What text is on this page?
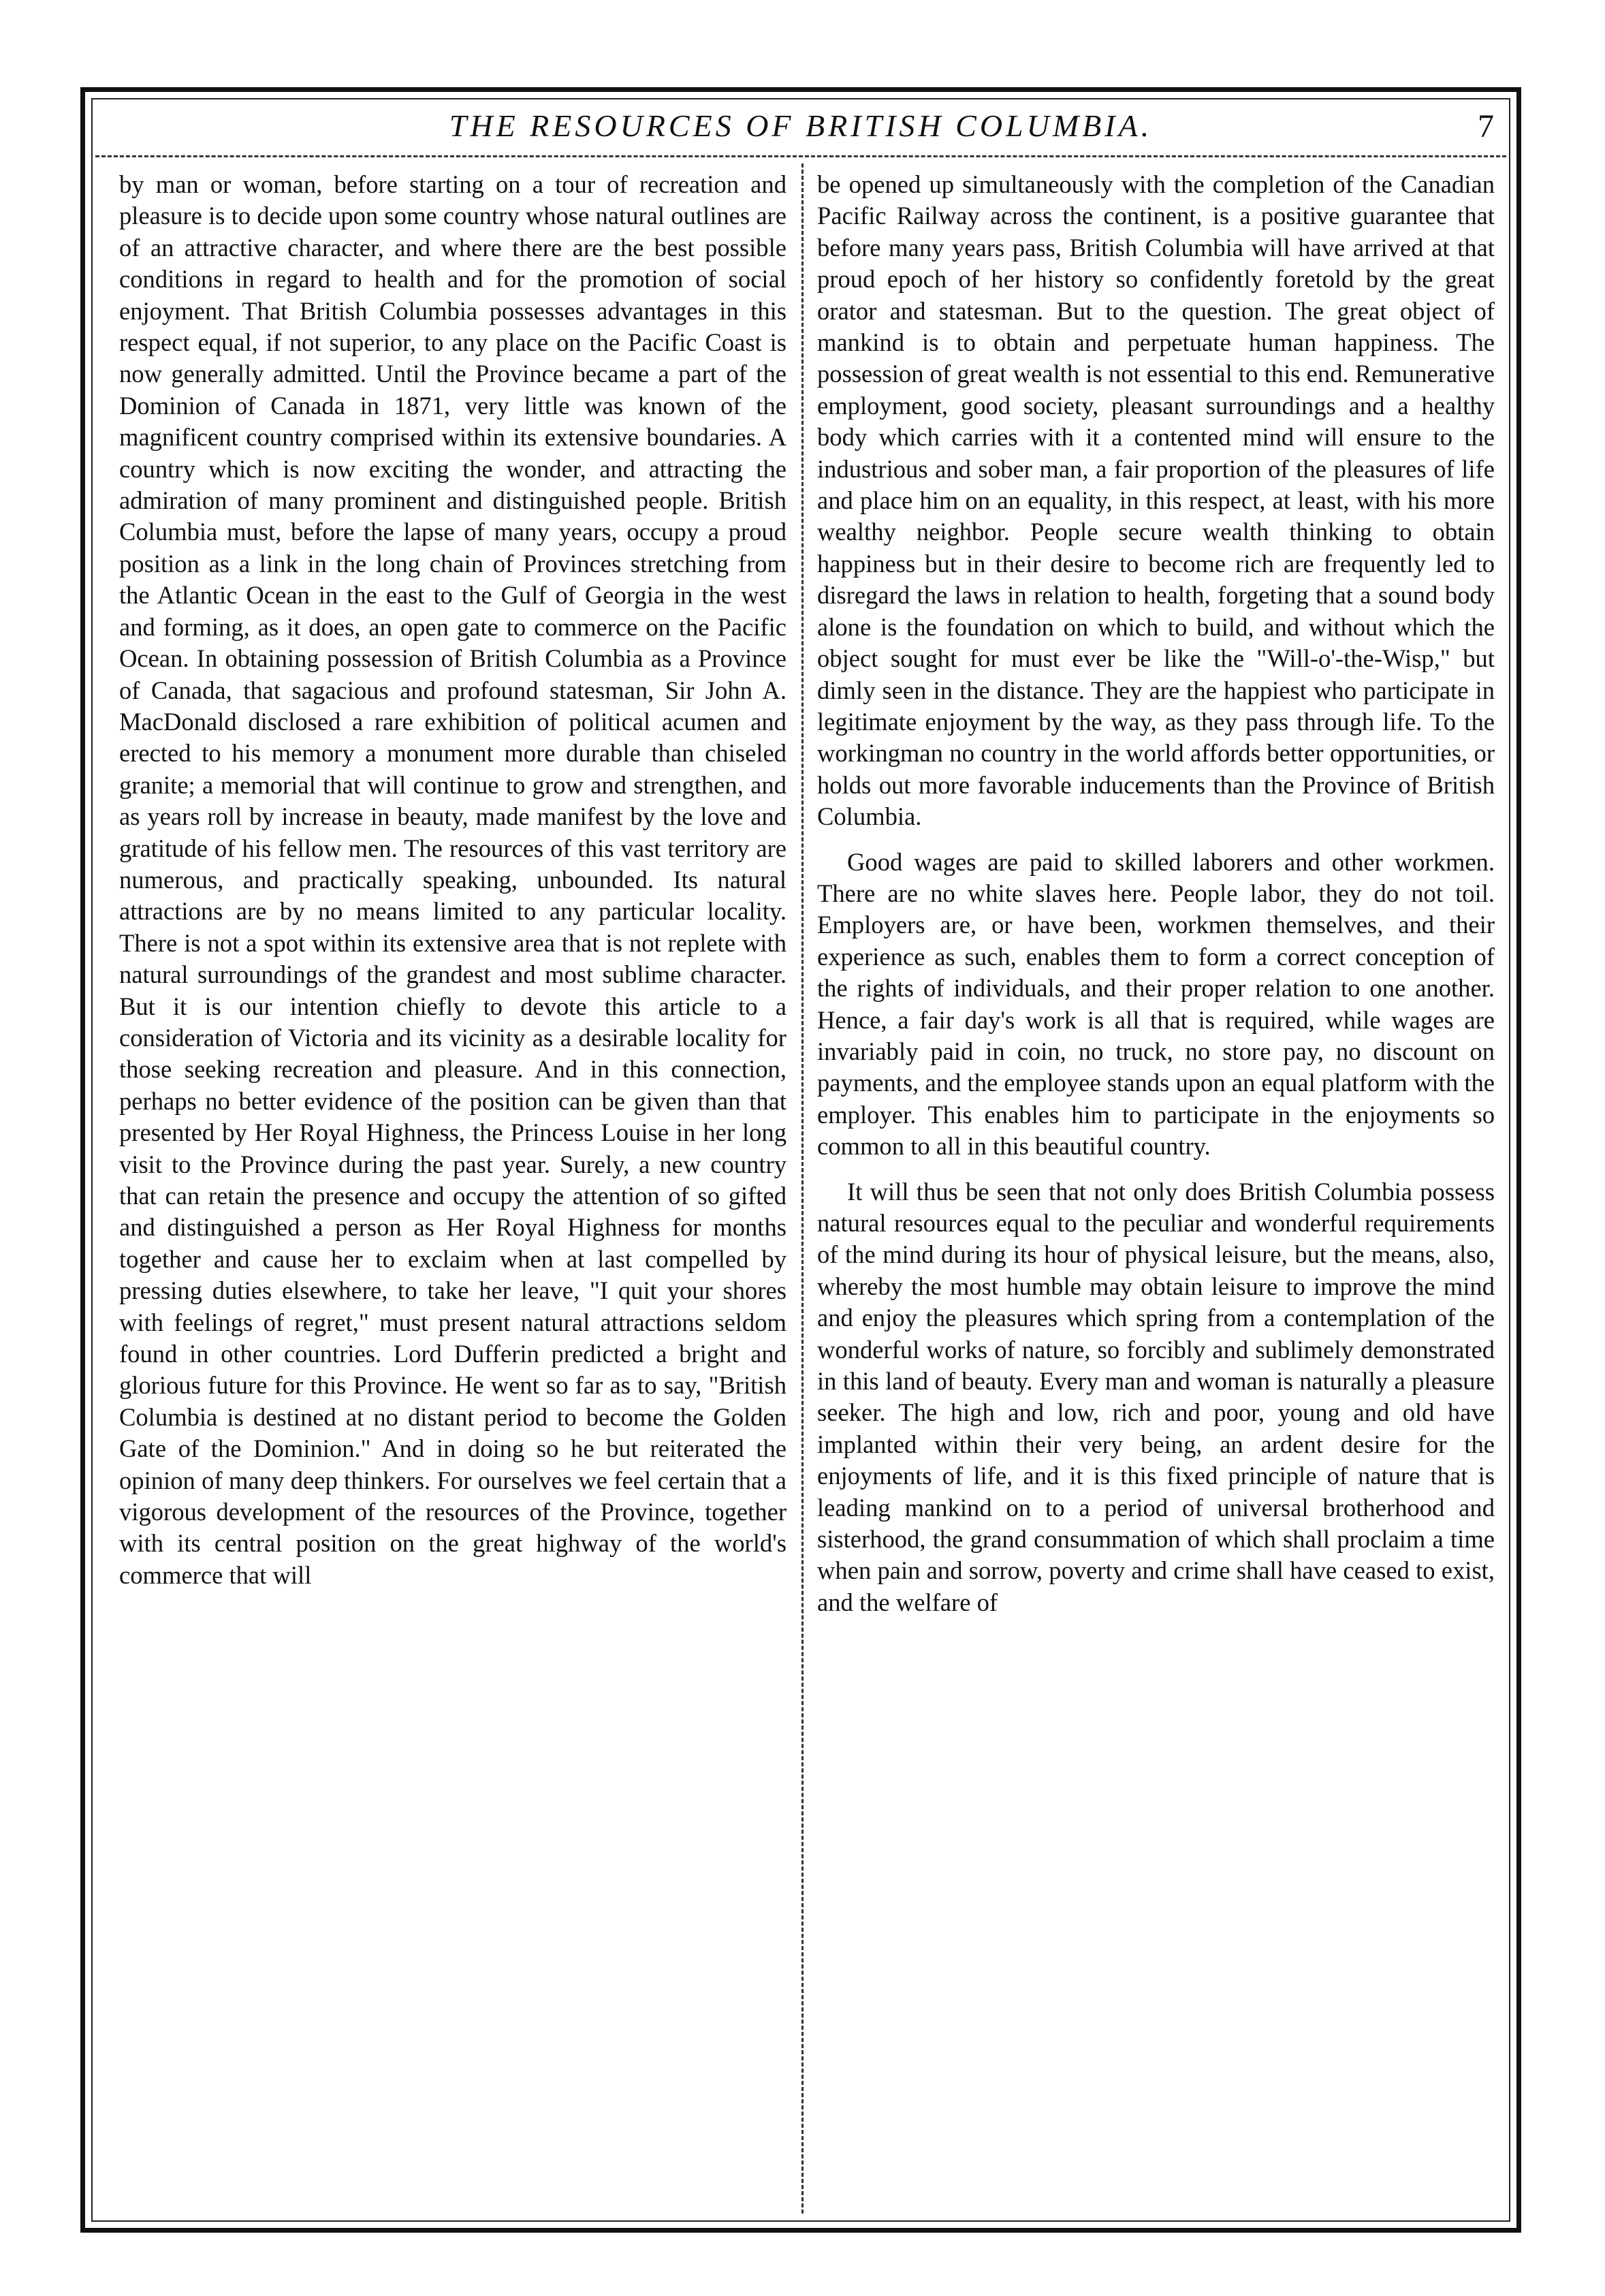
THE RESOURCES OF BRITISH COLUMBIA.	7

by man or woman, before starting on a tour of recreation and pleasure is to decide upon some country whose natural outlines are of an attractive character, and where there are the best possible conditions in regard to health and for the promotion of social enjoyment. That British Columbia possesses advantages in this respect equal, if not superior, to any place on the Pacific Coast is now generally admitted. Until the Province became a part of the Dominion of Canada in 1871, very little was known of the magnificent country comprised within its extensive boundaries. A country which is now exciting the wonder, and attracting the admiration of many prominent and distinguished people. British Columbia must, before the lapse of many years, occupy a proud position as a link in the long chain of Provinces stretching from the Atlantic Ocean in the east to the Gulf of Georgia in the west and forming, as it does, an open gate to commerce on the Pacific Ocean. In obtaining possession of British Columbia as a Province of Canada, that sagacious and profound statesman, Sir John A. MacDonald disclosed a rare exhibition of political acumen and erected to his memory a monument more durable than chiseled granite; a memorial that will continue to grow and strengthen, and as years roll by increase in beauty, made manifest by the love and gratitude of his fellow men. The resources of this vast territory are numerous, and practically speaking, unbounded. Its natural attractions are by no means limited to any particular locality. There is not a spot within its extensive area that is not replete with natural surroundings of the grandest and most sublime character. But it is our intention chiefly to devote this article to a consideration of Victoria and its vicinity as a desirable locality for those seeking recreation and pleasure. And in this connection, perhaps no better evidence of the position can be given than that presented by Her Royal Highness, the Princess Louise in her long visit to the Province during the past year. Surely, a new country that can retain the presence and occupy the attention of so gifted and distinguished a person as Her Royal Highness for months together and cause her to exclaim when at last compelled by pressing duties elsewhere, to take her leave, "I quit your shores with feelings of regret," must present natural attractions seldom found in other countries. Lord Dufferin predicted a bright and glorious future for this Province. He went so far as to say, "British Columbia is destined at no distant period to become the Golden Gate of the Dominion." And in doing so he but reiterated the opinion of many deep thinkers. For ourselves we feel certain that a vigorous development of the resources of the Province, together with its central position on the great highway of the world's commerce that will

be opened up simultaneously with the completion of the Canadian Pacific Railway across the continent, is a positive guarantee that before many years pass, British Columbia will have arrived at that proud epoch of her history so confidently foretold by the great orator and statesman. But to the question. The great object of mankind is to obtain and perpetuate human happiness. The possession of great wealth is not essential to this end. Remunerative employment, good society, pleasant surroundings and a healthy body which carries with it a contented mind will ensure to the industrious and sober man, a fair proportion of the pleasures of life and place him on an equality, in this respect, at least, with his more wealthy neighbor. People secure wealth thinking to obtain happiness but in their desire to become rich are frequently led to disregard the laws in relation to health, forgeting that a sound body alone is the foundation on which to build, and without which the object sought for must ever be like the "Will-o'-the-Wisp," but dimly seen in the distance. They are the happiest who participate in legitimate enjoyment by the way, as they pass through life. To the workingman no country in the world affords better opportunities, or holds out more favorable inducements than the Province of British Columbia.

Good wages are paid to skilled laborers and other workmen. There are no white slaves here. People labor, they do not toil. Employers are, or have been, workmen themselves, and their experience as such, enables them to form a correct conception of the rights of individuals, and their proper relation to one another. Hence, a fair day's work is all that is required, while wages are invariably paid in coin, no truck, no store pay, no discount on payments, and the employee stands upon an equal platform with the employer. This enables him to participate in the enjoyments so common to all in this beautiful country.

It will thus be seen that not only does British Columbia possess natural resources equal to the peculiar and wonderful requirements of the mind during its hour of physical leisure, but the means, also, whereby the most humble may obtain leisure to improve the mind and enjoy the pleasures which spring from a contemplation of the wonderful works of nature, so forcibly and sublimely demonstrated in this land of beauty. Every man and woman is naturally a pleasure seeker. The high and low, rich and poor, young and old have implanted within their very being, an ardent desire for the enjoyments of life, and it is this fixed principle of nature that is leading mankind on to a period of universal brotherhood and sisterhood, the grand consummation of which shall proclaim a time when pain and sorrow, poverty and crime shall have ceased to exist, and the welfare of
